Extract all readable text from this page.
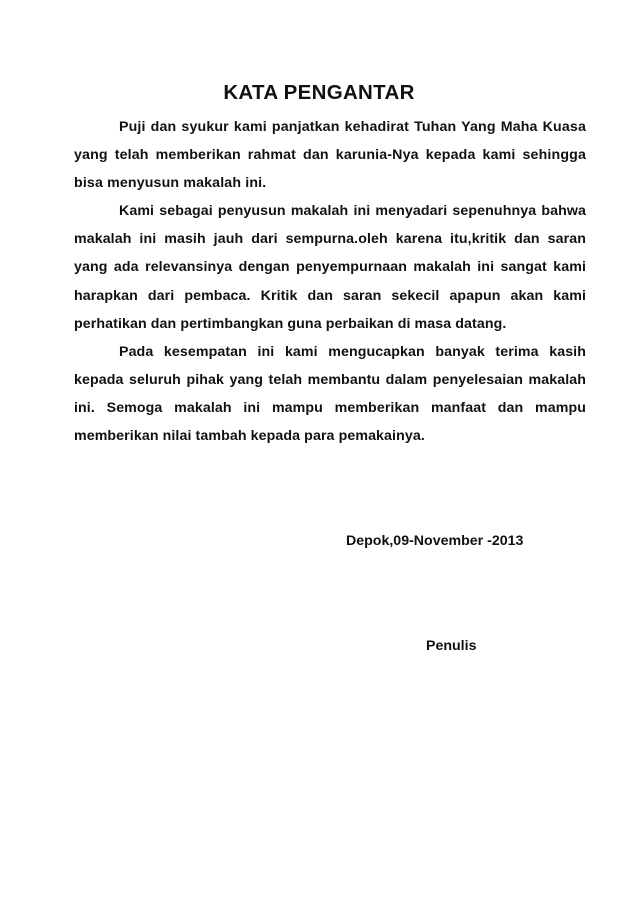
KATA PENGANTAR

Puji dan syukur kami panjatkan kehadirat Tuhan Yang Maha Kuasa yang telah memberikan rahmat dan karunia-Nya kepada kami sehingga bisa menyusun makalah ini.

Kami sebagai penyusun makalah ini menyadari sepenuhnya bahwa makalah ini masih jauh dari sempurna.oleh karena itu,kritik dan saran yang ada relevansinya dengan penyempurnaan makalah ini sangat kami harapkan dari pembaca. Kritik dan saran sekecil apapun akan kami perhatikan dan pertimbangkan guna perbaikan di masa datang.

Pada kesempatan ini kami mengucapkan banyak terima kasih kepada seluruh pihak yang telah membantu dalam penyelesaian makalah ini. Semoga makalah ini mampu memberikan manfaat dan mampu memberikan nilai tambah kepada para pemakainya.

Depok,09-November -2013
Penulis
